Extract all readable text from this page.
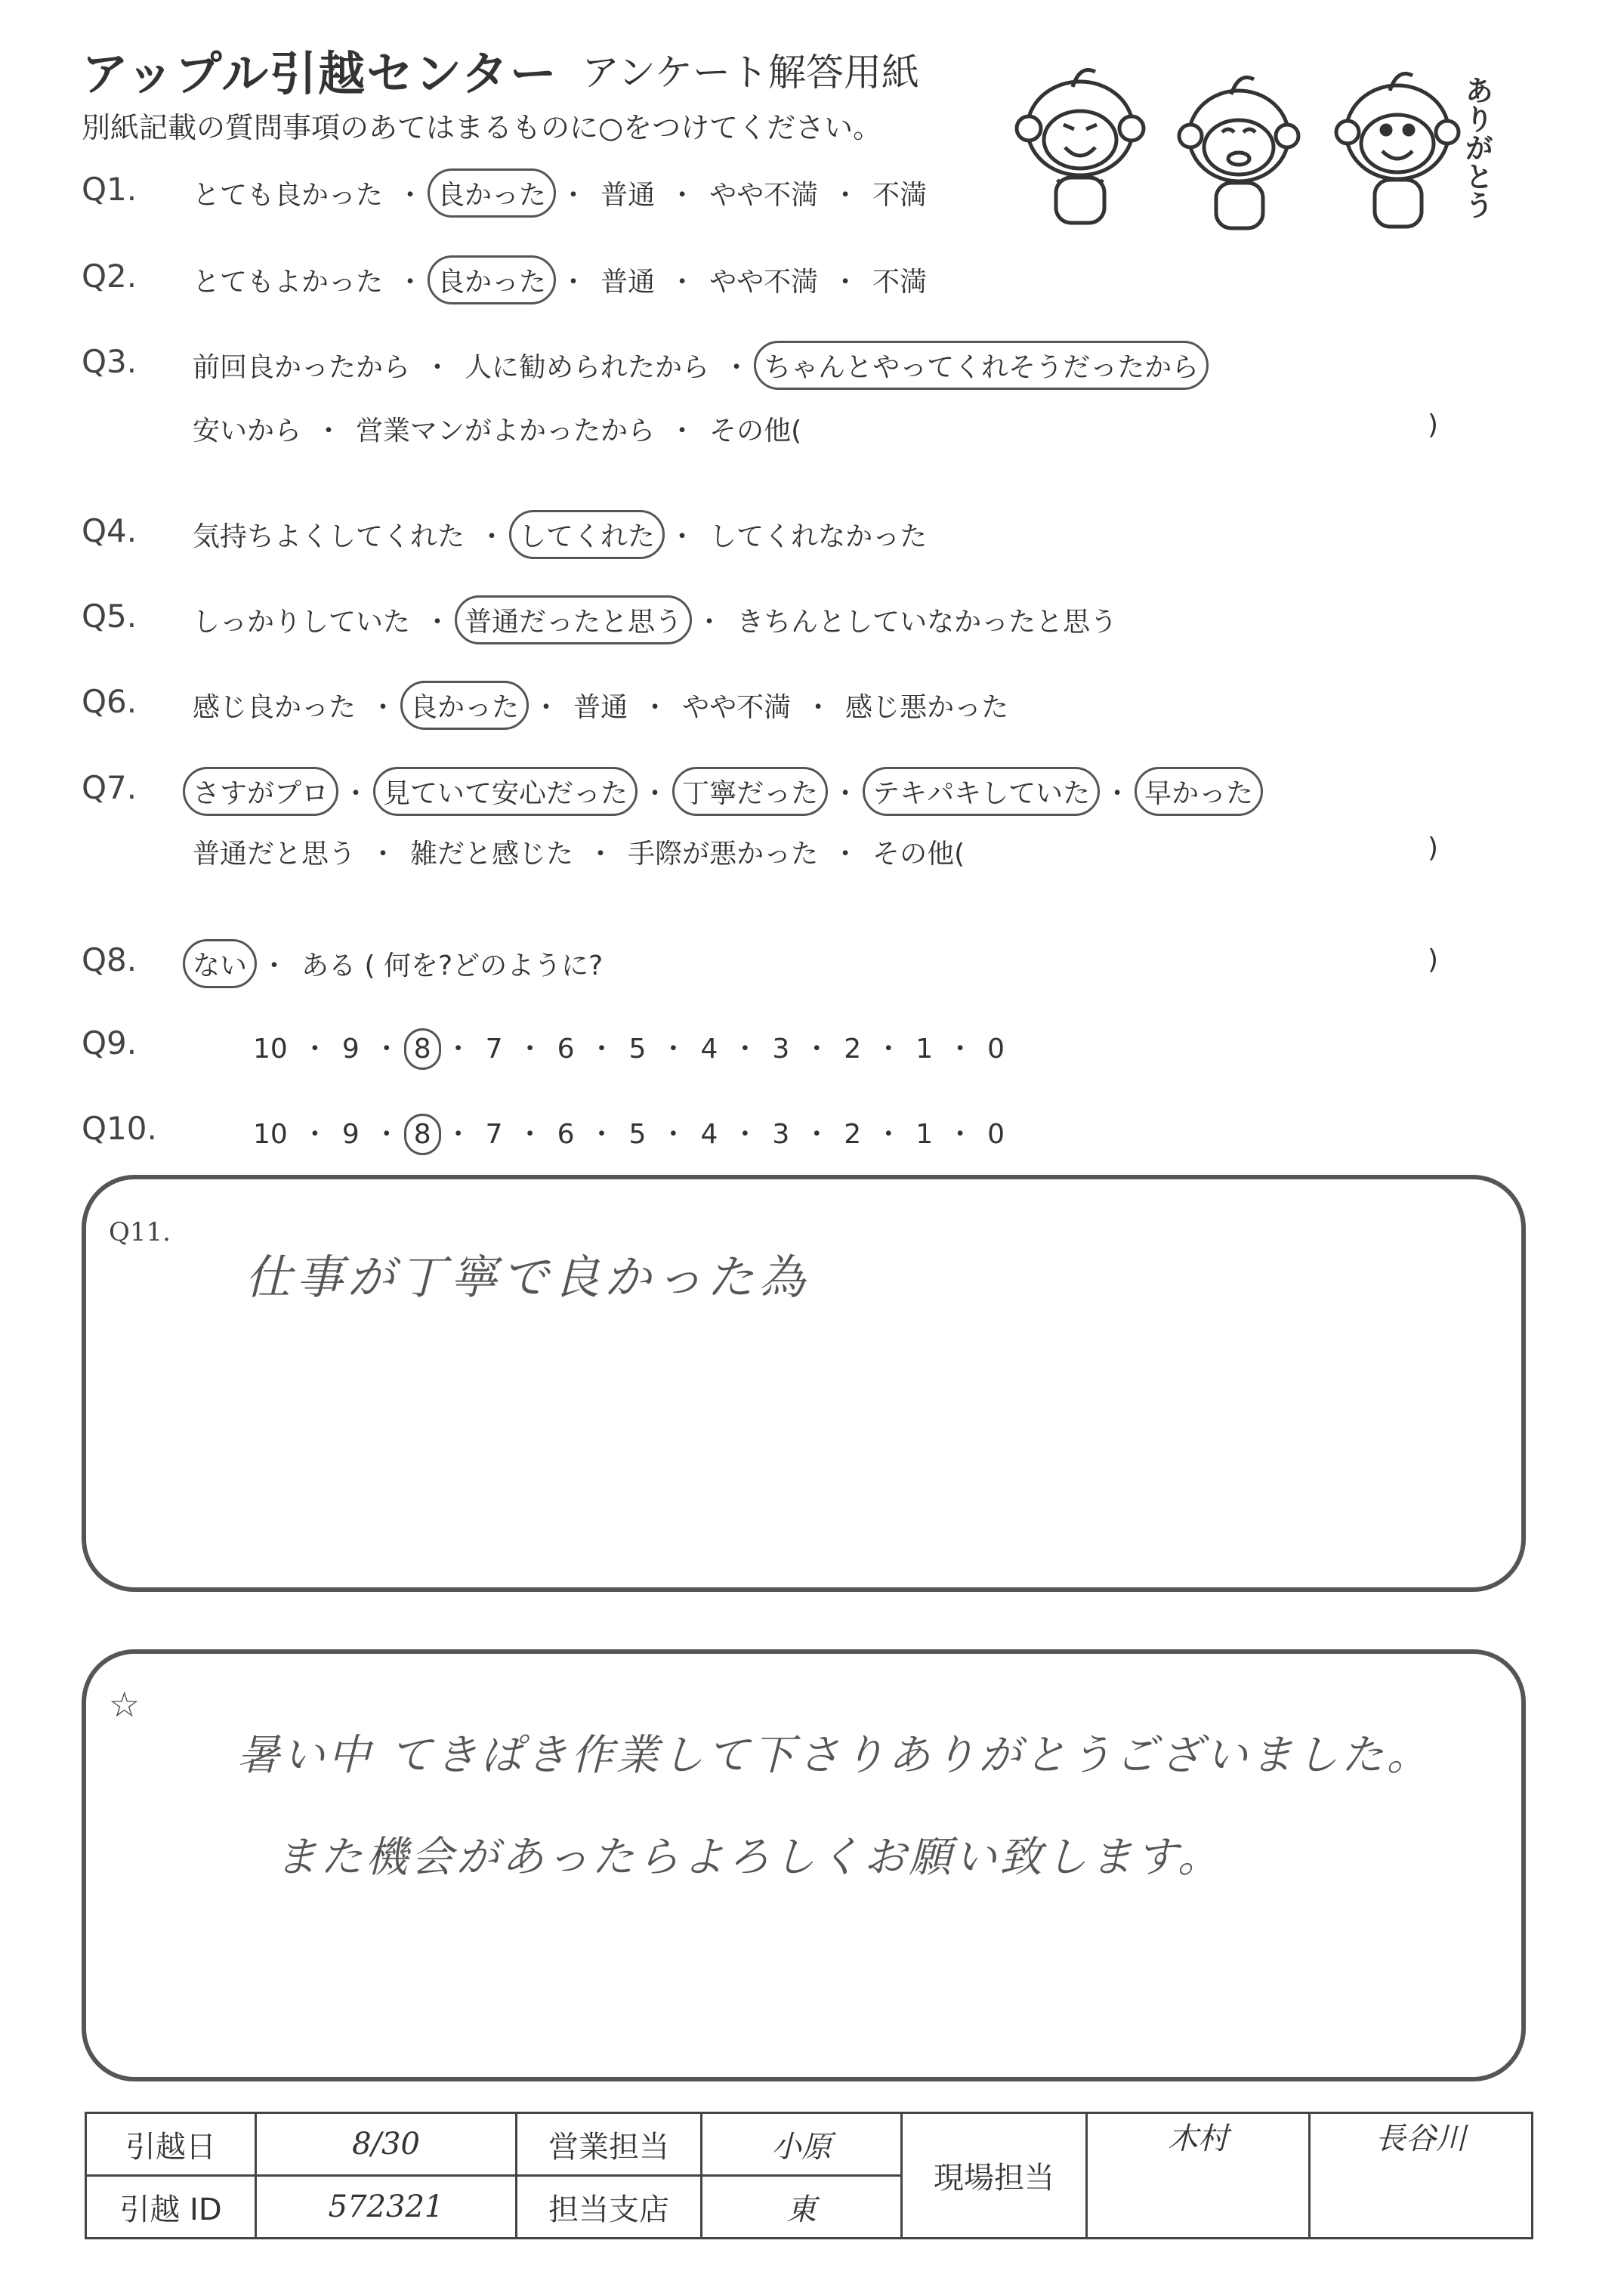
アップル引越センター アンケート解答用紙
別紙記載の質問事項のあてはまるものに○をつけてください。	ありがとう
Q1. とても良かった ・ 良かった ・ 普通 ・ やや不満 ・ 不満
Q2. とてもよかった ・ 良かった ・ 普通 ・ やや不満 ・ 不満
Q3. 前回良かったから ・ 人に勧められたから ・ ちゃんとやってくれそうだったから
安いから ・ 営業マンがよかったから ・ その他(	)
Q4. 気持ちよくしてくれた ・ してくれた ・ してくれなかった
Q5. しっかりしていた ・ 普通だったと思う ・ きちんとしていなかったと思う
Q6. 感じ良かった ・ 良かった ・ 普通 ・ やや不満 ・ 感じ悪かった
Q7. さすがプロ ・ 見ていて安心だった ・ 丁寧だった ・ テキパキしていた ・ 早かった
普通だと思う ・ 雑だと感じた ・ 手際が悪かった ・ その他(	)
Q8. ない ・ ある ( 何を?どのように?	)
Q9.	10 ・ 9 ・ 8 ・ 7 ・ 6 ・ 5 ・ 4 ・ 3 ・ 2 ・ 1 ・ 0
Q10.	10 ・ 9 ・ 8 ・ 7 ・ 6 ・ 5 ・ 4 ・ 3 ・ 2 ・ 1 ・ 0
Q11.
仕事が丁寧で良かった為
☆
暑い中 てきぱき作業して下さりありがとうございました。
また機会があったらよろしくお願い致します。
引越日	8/30	営業担当	小原	現場担当	木村	長谷川
引越 ID	572321	担当支店	東			
